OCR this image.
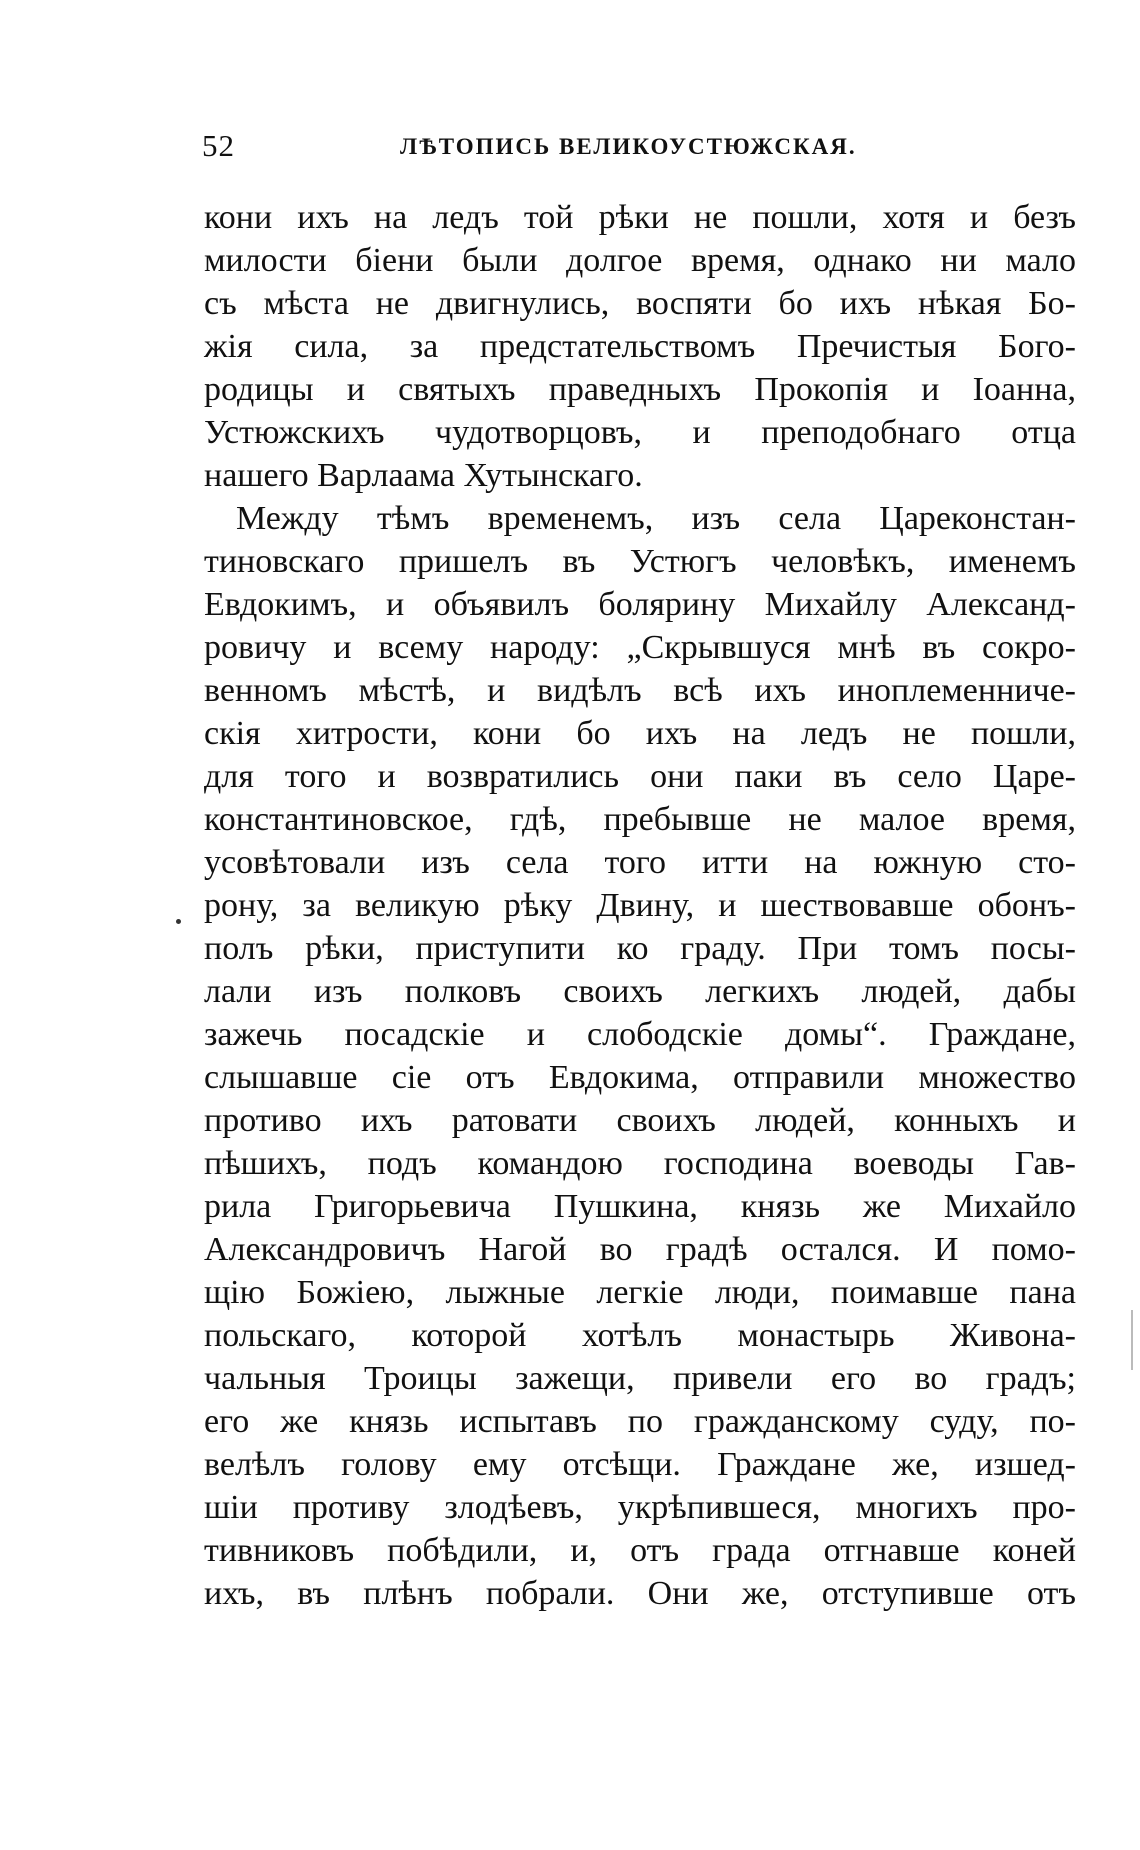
52	ЛѢТОПИСЬ ВЕЛИКОУСТЮЖСКАЯ.
кони ихъ на ледъ той рѣки не пошли, хотя и безъ
милости біени были долгое время, однако ни мало
съ мѣста не двигнулись, воспяти бо ихъ нѣкая Бо-
жія сила, за предстательствомъ Пречистыя Бого-
родицы и святыхъ праведныхъ Прокопія и Іоанна,
Устюжскихъ чудотворцовъ, и преподобнаго отца
нашего Варлаама Хутынскаго.
Между тѣмъ временемъ, изъ села Цареконстан-
тиновскаго пришелъ въ Устюгъ человѣкъ, именемъ
Евдокимъ, и объявилъ болярину Михайлу Александ-
ровичу и всему народу: „Скрывшуся мнѣ въ сокро-
венномъ мѣстѣ, и видѣлъ всѣ ихъ иноплеменниче-
скія хитрости, кони бо ихъ на ледъ не пошли,
для того и возвратились они паки въ село Царе-
константиновское, гдѣ, пребывше не малое время,
усовѣтовали изъ села того итти на южную сто-
рону, за великую рѣку Двину, и шествовавше обонъ-
полъ рѣки, приступити ко граду. При томъ посы-
лали изъ полковъ своихъ легкихъ людей, дабы
зажечь посадскіе и слободскіе домы“. Граждане,
слышавше сіе отъ Евдокима, отправили множество
противо ихъ ратовати своихъ людей, конныхъ и
пѣшихъ, подъ командою господина воеводы Гав-
рила Григорьевича Пушкина, князь же Михайло
Александровичъ Нагой во градѣ остался. И помо-
щію Божіею, лыжные легкіе люди, поимавше пана
польскаго, которой хотѣлъ монастырь Живона-
чальныя Троицы зажещи, привели его во градъ;
его же князь испытавъ по гражданскому суду, по-
велѣлъ голову ему отсѣщи. Граждане же, изшед-
шіи противу злодѣевъ, укрѣпившеся, многихъ про-
тивниковъ побѣдили, и, отъ града отгнавше коней
ихъ, въ плѣнъ побрали. Они же, отступивше отъ
